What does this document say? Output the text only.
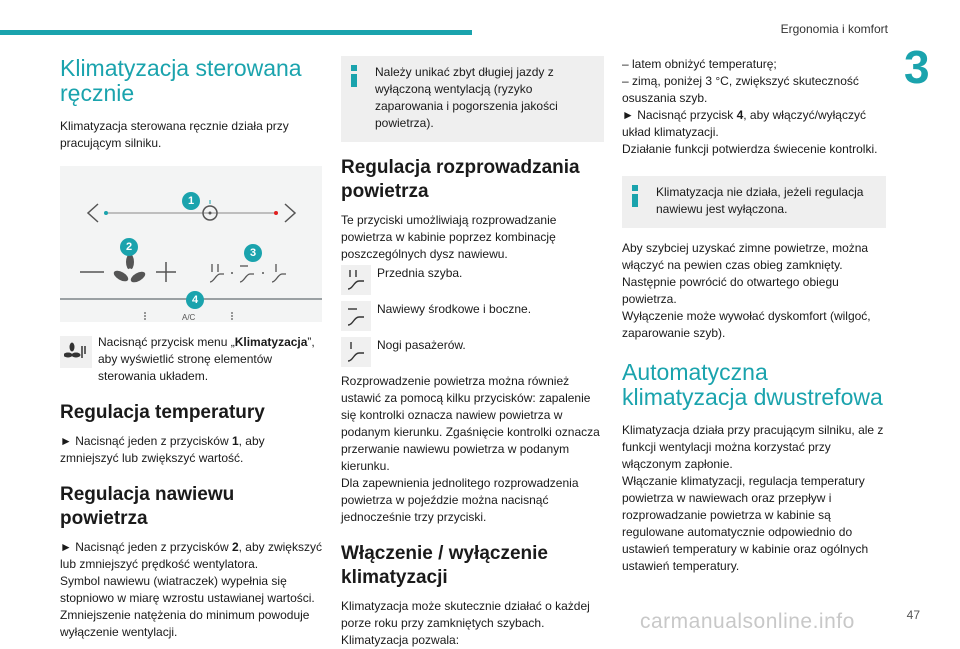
Ergonomia i komfort
3
Klimatyzacja sterowana ręcznie

Klimatyzacja sterowana ręcznie działa przy pracującym silniku.

1
2	3
4
A/C
Nacisnąć przycisk menu „Klimatyzacja”, aby wyświetlić stronę elementów sterowania układem.
Regulacja temperatury

► Nacisnąć jeden z przycisków 1, aby zmniejszyć lub zwiększyć wartość.

Regulacja nawiewu powietrza

► Nacisnąć jeden z przycisków 2, aby zwiększyć lub zmniejszyć prędkość wentylatora.

Symbol nawiewu (wiatraczek) wypełnia się stopniowo w miarę wzrostu ustawianej wartości.

Zmniejszenie natężenia do minimum powoduje wyłączenie wentylacji.

Należy unikać zbyt długiej jazdy z wyłączoną wentylacją (ryzyko zaparowania i pogorszenia jakości powietrza).
Regulacja rozprowadzania powietrza

Te przyciski umożliwiają rozprowadzanie powietrza w kabinie poprzez kombinację poszczególnych dysz nawiewu.

Przednia szyba.
Nawiewy środkowe i boczne.
Nogi pasażerów.

Rozprowadzenie powietrza można również ustawić za pomocą kilku przycisków: zapalenie się kontrolki oznacza nawiew powietrza w podanym kierunku. Zgaśnięcie kontrolki oznacza przerwanie nawiewu powietrza w podanym kierunku.

Dla zapewnienia jednolitego rozprowadzenia powietrza w pojeździe można nacisnąć jednocześnie trzy przyciski.

Włączenie / wyłączenie klimatyzacji

Klimatyzacja może skutecznie działać o każdej porze roku przy zamkniętych szybach.

Klimatyzacja pozwala:

– latem obniżyć temperaturę;

– zimą, poniżej 3 °C, zwiększyć skuteczność osuszania szyb.

► Nacisnąć przycisk 4, aby włączyć/wyłączyć układ klimatyzacji.

Działanie funkcji potwierdza świecenie kontrolki.

Klimatyzacja nie działa, jeżeli regulacja nawiewu jest wyłączona.

Aby szybciej uzyskać zimne powietrze, można włączyć na pewien czas obieg zamknięty. Następnie powrócić do otwartego obiegu powietrza.

Wyłączenie może wywołać dyskomfort (wilgoć, zaparowanie szyb).

Automatyczna klimatyzacja dwustrefowa

Klimatyzacja działa przy pracującym silniku, ale z funkcji wentylacji można korzystać przy włączonym zapłonie.

Włączanie klimatyzacji, regulacja temperatury powietrza w nawiewach oraz przepływ i rozprowadzanie powietrza w kabinie są regulowane automatycznie odpowiednio do ustawień temperatury w kabinie oraz ogólnych ustawień temperatury.

carmanualsonline.info	47
